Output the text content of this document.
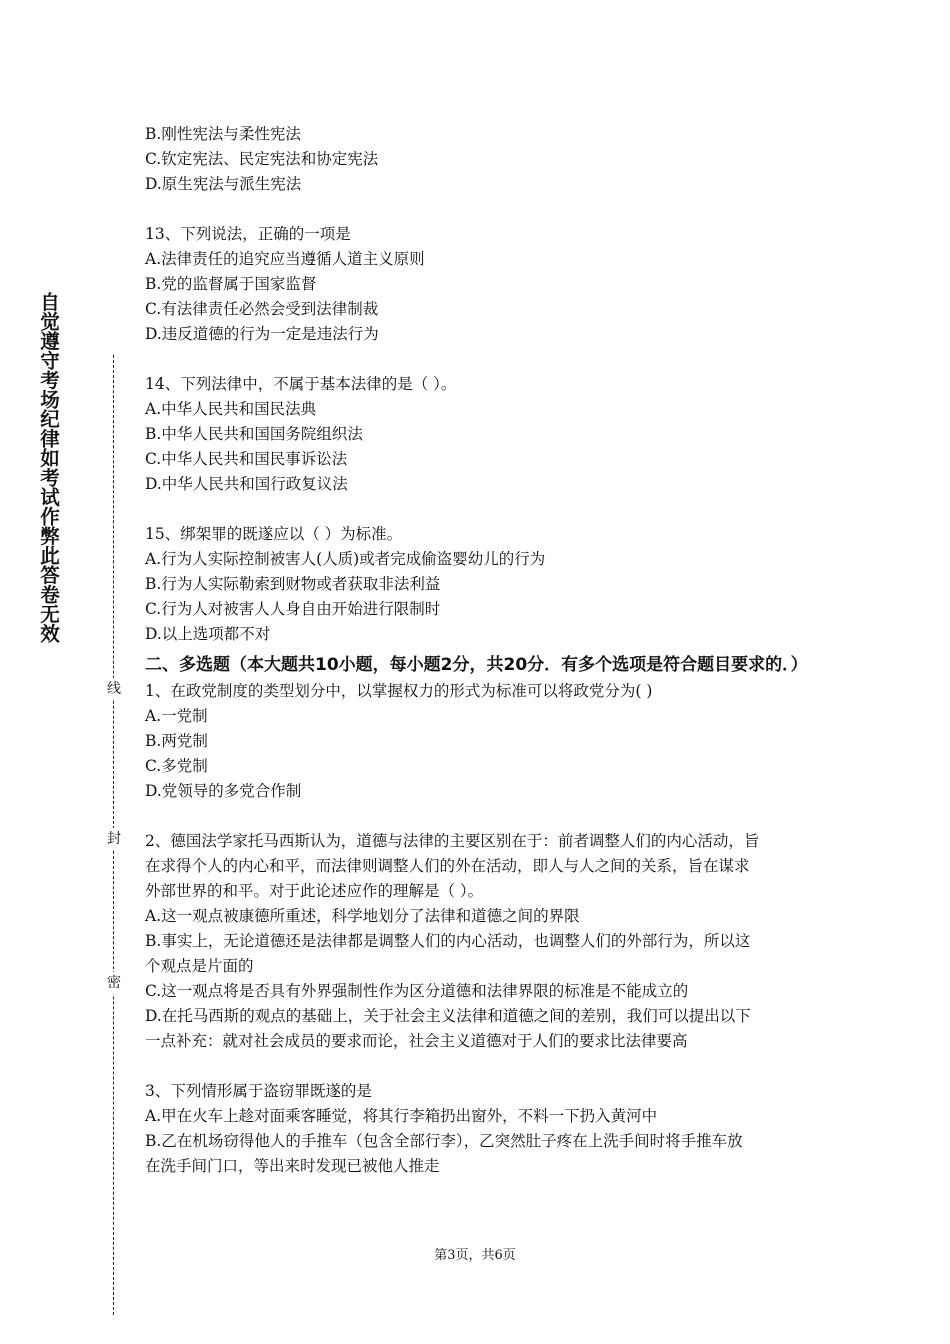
自觉遵守考场纪律如考试作弊此答卷无效
线
封
密
B.刚性宪法与柔性宪法
C.钦定宪法、民定宪法和协定宪法
D.原生宪法与派生宪法
13、下列说法，正确的一项是
A.法律责任的追究应当遵循人道主义原则
B.党的监督属于国家监督
C.有法律责任必然会受到法律制裁
D.违反道德的行为一定是违法行为
14、下列法律中，不属于基本法律的是（ ）。
A.中华人民共和国民法典
B.中华人民共和国国务院组织法
C.中华人民共和国民事诉讼法
D.中华人民共和国行政复议法
15、绑架罪的既遂应以（ ）为标准。
A.行为人实际控制被害人(人质)或者完成偷盗婴幼儿的行为
B.行为人实际勒索到财物或者获取非法利益
C.行为人对被害人人身自由开始进行限制时
D.以上选项都不对
二、多选题（本大题共10小题，每小题2分，共20分．有多个选项是符合题目要求的．）
1、在政党制度的类型划分中，以掌握权力的形式为标准可以将政党分为( )
A.一党制
B.两党制
C.多党制
D.党领导的多党合作制
2、德国法学家托马西斯认为，道德与法律的主要区别在于：前者调整人们的内心活动，旨
在求得个人的内心和平，而法律则调整人们的外在活动，即人与人之间的关系，旨在谋求
外部世界的和平。对于此论述应作的理解是（ ）。
A.这一观点被康德所重述，科学地划分了法律和道德之间的界限
B.事实上，无论道德还是法律都是调整人们的内心活动，也调整人们的外部行为，所以这
个观点是片面的
C.这一观点将是否具有外界强制性作为区分道德和法律界限的标准是不能成立的
D.在托马西斯的观点的基础上，关于社会主义法律和道德之间的差别，我们可以提出以下
一点补充：就对社会成员的要求而论，社会主义道德对于人们的要求比法律要高
3、下列情形属于盗窃罪既遂的是
A.甲在火车上趁对面乘客睡觉，将其行李箱扔出窗外，不料一下扔入黄河中
B.乙在机场窃得他人的手推车（包含全部行李），乙突然肚子疼在上洗手间时将手推车放
在洗手间门口，等出来时发现已被他人推走
第3页，共6页
